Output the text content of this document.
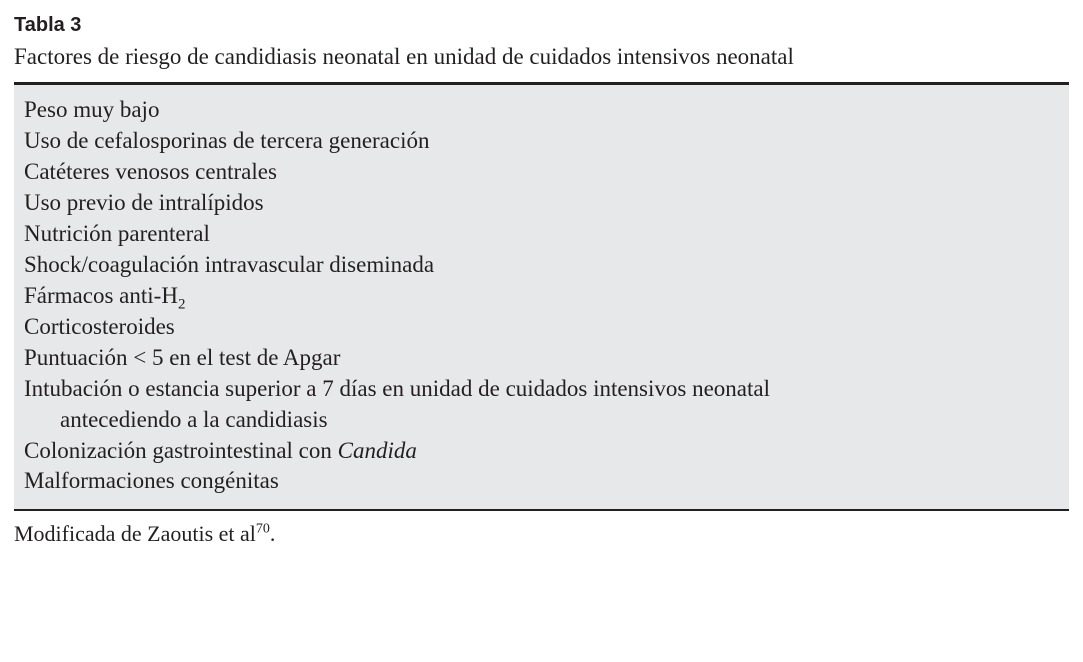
Tabla 3
Factores de riesgo de candidiasis neonatal en unidad de cuidados intensivos neonatal
Peso muy bajo
Uso de cefalosporinas de tercera generación
Catéteres venosos centrales
Uso previo de intralípidos
Nutrición parenteral
Shock/coagulación intravascular diseminada
Fármacos anti-$H_2$
Corticosteroides
Puntuación < 5 en el test de Apgar
Intubación o estancia superior a 7 días en unidad de cuidados intensivos neonatal
antecediendo a la candidiasis
Colonización gastrointestinal con Candida
Malformaciones congénitas
Modificada de Zaoutis et $al^{70}$.
